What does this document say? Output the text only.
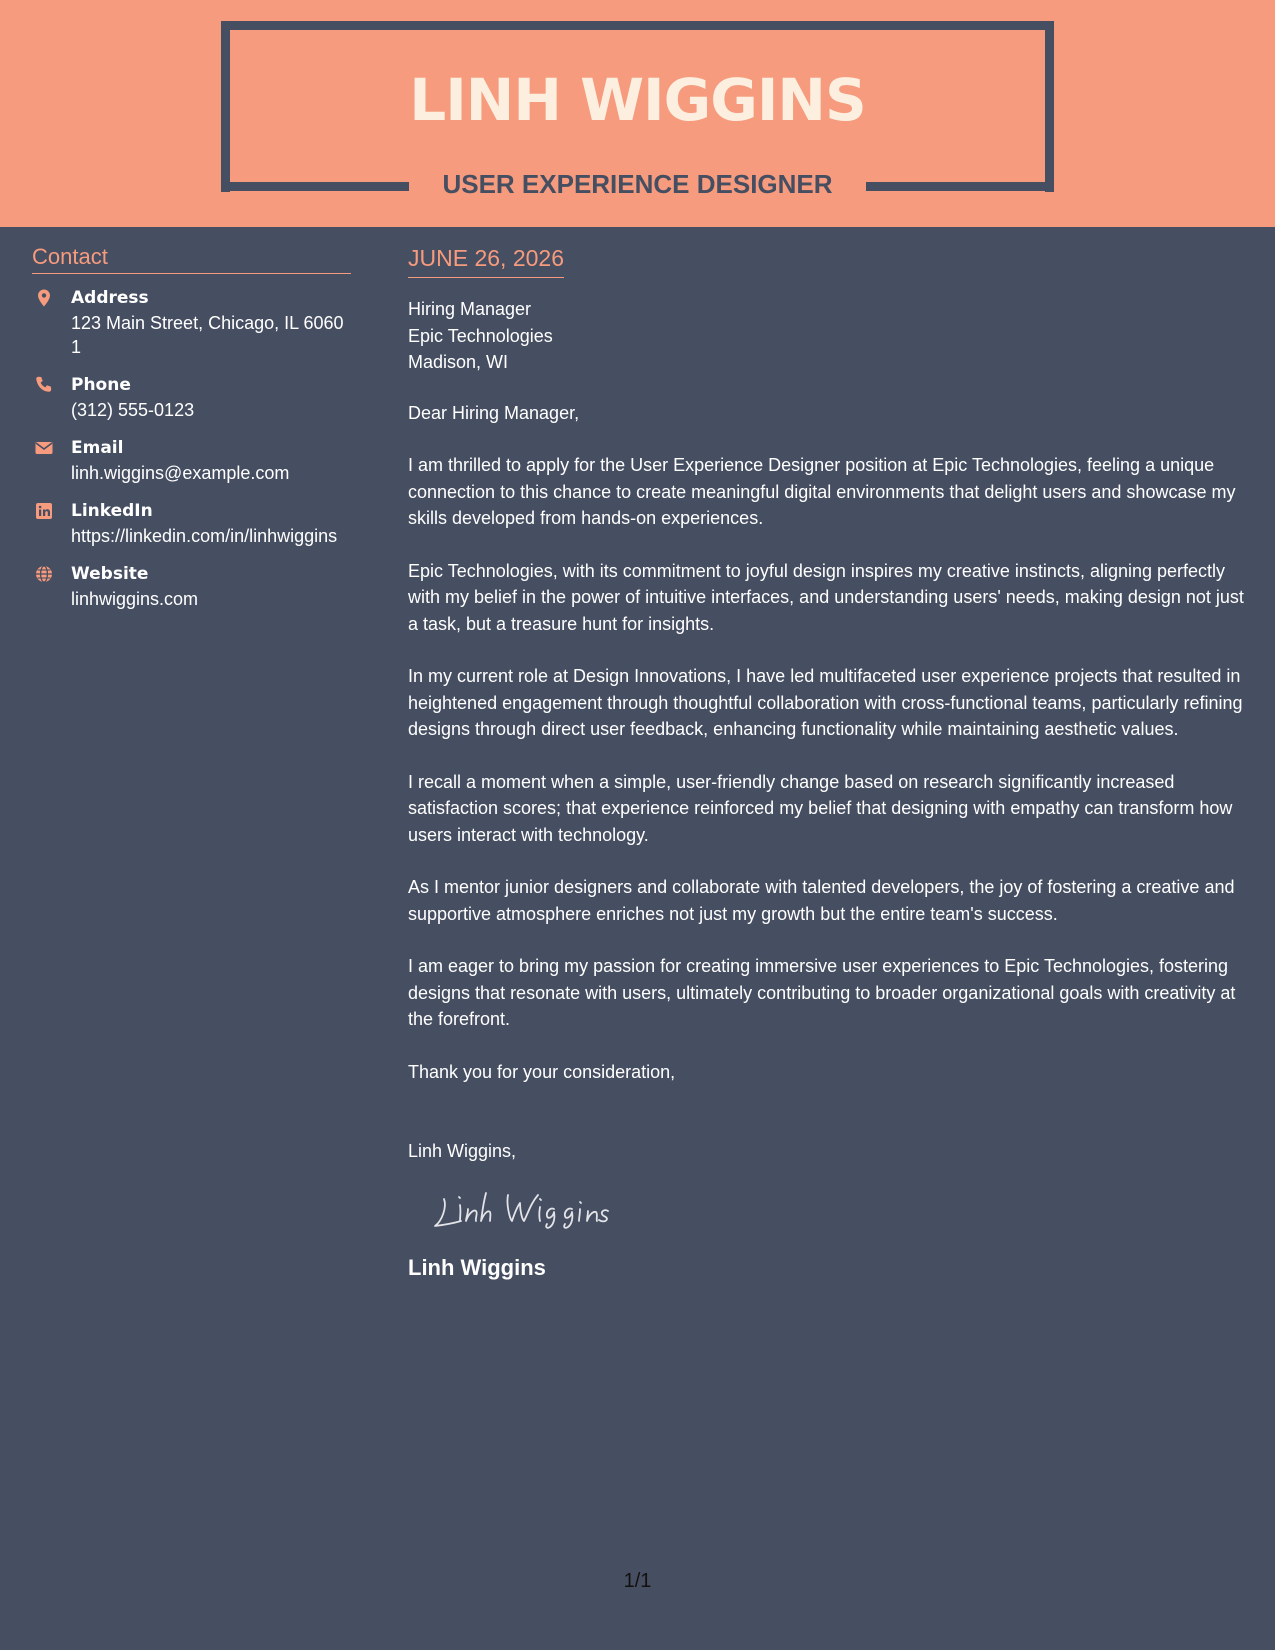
LINH WIGGINS
USER EXPERIENCE DESIGNER
Contact
Address
123 Main Street, Chicago, IL 60601
Phone
(312) 555-0123
Email
linh.wiggins@example.com
LinkedIn
https://linkedin.com/in/linhwiggins
Website
linhwiggins.com
JUNE 26, 2026
Hiring Manager
Epic Technologies
Madison, WI

Dear Hiring Manager,

I am thrilled to apply for the User Experience Designer position at Epic Technologies, feeling a unique connection to this chance to create meaningful digital environments that delight users and showcase my skills developed from hands-on experiences.

Epic Technologies, with its commitment to joyful design inspires my creative instincts, aligning perfectly with my belief in the power of intuitive interfaces, and understanding users' needs, making design not just a task, but a treasure hunt for insights.

In my current role at Design Innovations, I have led multifaceted user experience projects that resulted in heightened engagement through thoughtful collaboration with cross-functional teams, particularly refining designs through direct user feedback, enhancing functionality while maintaining aesthetic values.

I recall a moment when a simple, user-friendly change based on research significantly increased satisfaction scores; that experience reinforced my belief that designing with empathy can transform how users interact with technology.

As I mentor junior designers and collaborate with talented developers, the joy of fostering a creative and supportive atmosphere enriches not just my growth but the entire team's success.

I am eager to bring my passion for creating immersive user experiences to Epic Technologies, fostering designs that resonate with users, ultimately contributing to broader organizational goals with creativity at the forefront.

Thank you for your consideration,

Linh Wiggins,

Linh Wiggins
1/1
